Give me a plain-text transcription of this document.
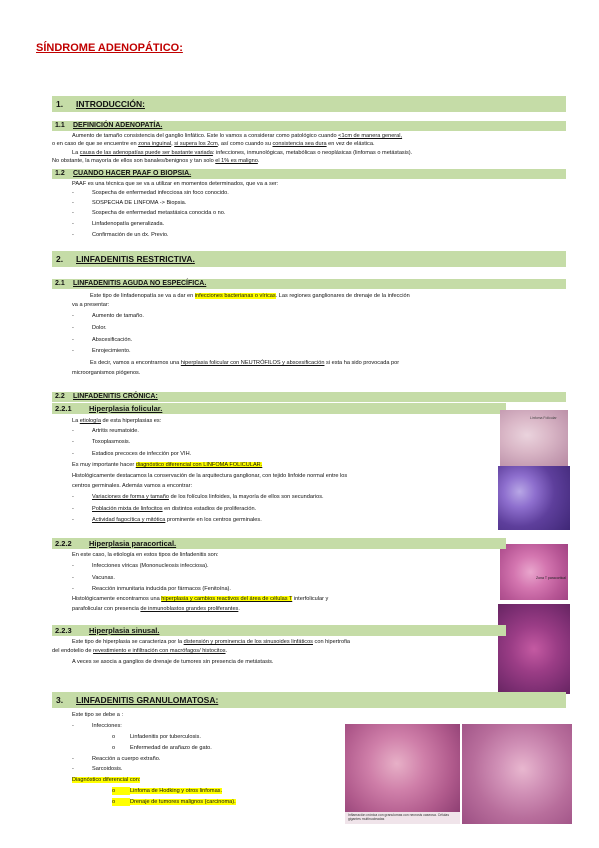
SÍNDROME ADENOPÁTICO:
1. INTRODUCCIÓN:
1.1 DEFINICIÓN ADENOPATÍA.
Aumento de tamaño consistencia del ganglio linfático. Este lo vamos a considerar como patológico cuando <1cm de manera general,
o en caso de que se encuentre en zona inguinal, si supera los 2cm, así como cuando su consistencia sea dura en vez de elástica.
La causa de las adenopatías puede ser bastante variada: infecciones, inmunológicas, metabólicas o neoplásicas (linfomas o metástasis).
No obstante, la mayoría de ellos son banales/benignos y tan solo el 1% es maligno.
1.2 CUANDO HACER PAAF O BIOPSIA.
PAAF es una técnica que se va a utilizar en momentos determinados, que va a ser:
-	Sospecha de enfermedad infecciosa sin foco conocido.
-	SOSPECHA DE LINFOMA -> Biopsia.
-	Sospecha de enfermedad metastásica conocida o no.
-	Linfadenopatía generalizada.
-	Confirmación de un dx. Previo.
2. LINFADENITIS RESTRICTIVA.
2.1 LINFADENITIS AGUDA NO ESPECÍFICA.
Este tipo de linfadenopatía se va a dar en infecciones bacterianas o víricas. Las regiones ganglionares de drenaje de la infección
va a presentar:
-	Aumento de tamaño.
-	Dolor.
-	Abscesificación.
-	Enrojecimiento.
Es decir, vamos a encontrarnos una hiperplasia folicular con NEUTRÓFILOS y abscesificación si esta ha sido provocada por
microorganismos piógenos.
2.2 LINFADENITIS CRÓNICA:
2.2.1 Hiperplasia folicular.
La etiología de esta hiperplasias es:
-	Artritis reumatoide.
-	Toxoplasmosis.
-	Estadios precoces de infección por VIH.
Es muy importante hacer diagnóstico diferencial con LINFOMA FOLICULAR.
Histológicamente destacamos la conservación de la arquitectura ganglionar, con tejido linfoide normal entre los
centros germinales. Además vamos a encontrar:
-	Variaciones de forma y tamaño de los folículos linfoides, la mayoría de ellos son secundarios.
-	Población mixta de linfocitos en distintos estadios de proliferación.
-	Actividad fagocítica y mitótica prominente en los centros germinales.
Linfoma Folicular
Zona T paracortical
2.2.2 Hiperplasia paracortical.
En este caso, la etiología en estos tipos de linfadenitis son:
-	Infecciones víricas (Mononucleosis infecciosa).
-	Vacunas.
-	Reacción inmunitaria inducida por fármacos (Fenitoína).
Histológicamente encontramos una hiperplasia y cambios reactivos del área de células T interfolicular y
parafolicular con presencia de inmunoblastos grandes proliferantes.
2.2.3 Hiperplasia sinusal.
Este tipo de hiperplasia se caracteriza por la distensión y prominencia de los sinusoides linfáticos con hipertrofia
del endotelio de revestimiento e infiltración con macrófagos/ histocitos.
A veces se asocia a ganglios de drenaje de tumores sin presencia de metástasis.
3. LINFADENITIS GRANULOMATOSA:
Este tipo se debe a :
-	Infecciones:
o	Linfadenitis por tuberculosis.
o	Enfermedad de arañazo de gato.
-	Reacción a cuerpo extraño.
-	Sarcoidosis.
Diagnóstico diferencial con:
o	Linfoma de Hodking y otros linfomas.
o	Drenaje de tumores malignos (carcinoma).
Inflamación crónica con granulomas con necrosis caseosa. Células gigantes multinucleadas
